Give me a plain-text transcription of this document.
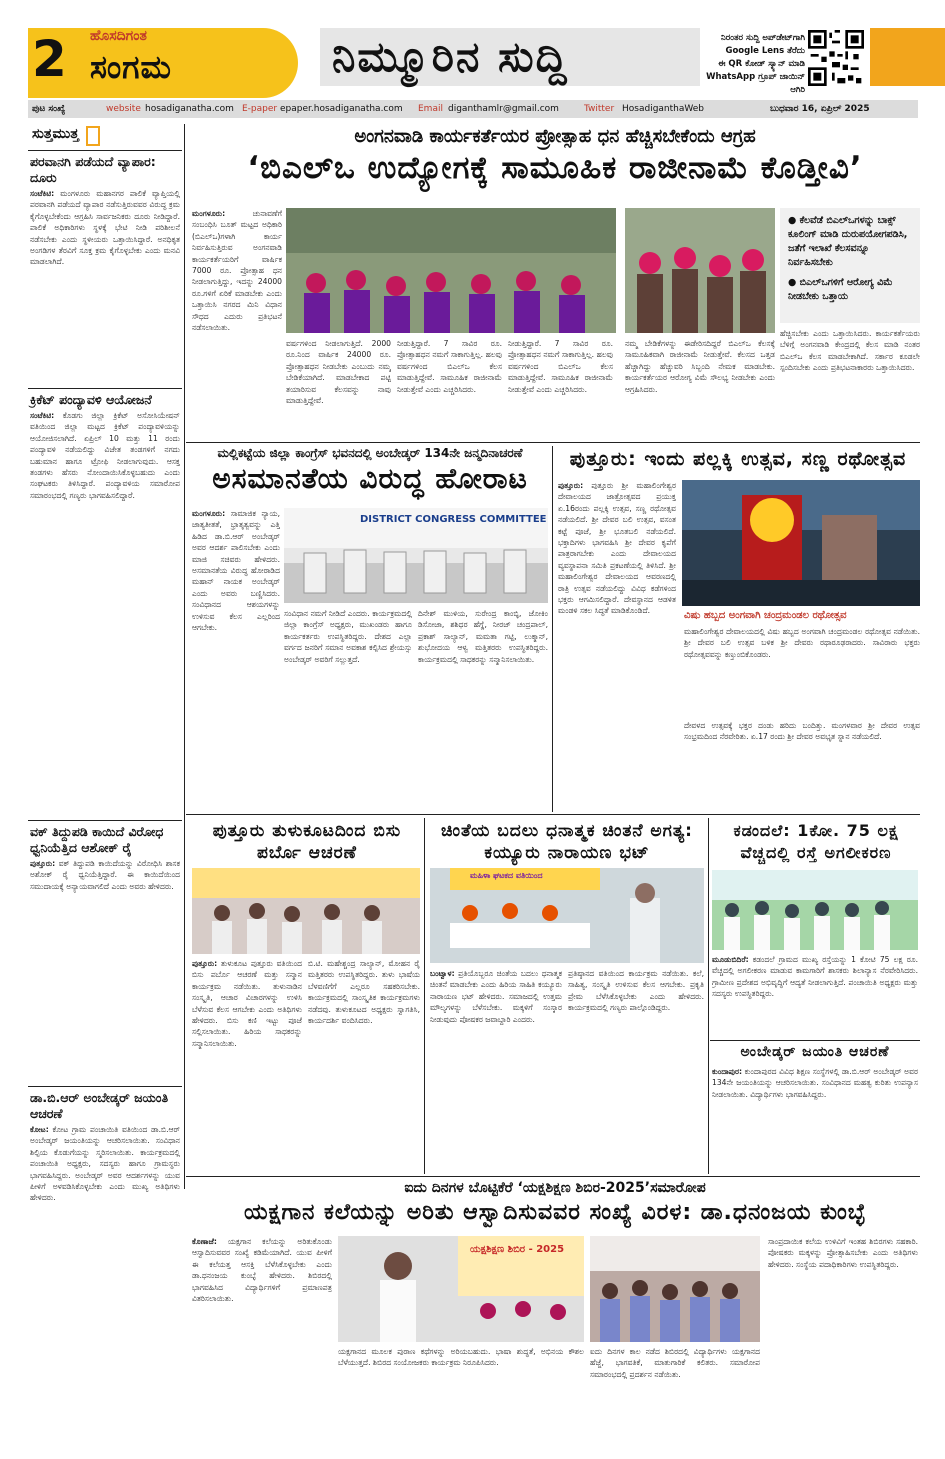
2 ಹೊಸದಿಗಂತ
ಸಂಗಮ	ನಿಮ್ಮೂರಿನ ಸುದ್ದಿ	ನಿರಂತರ ಸುದ್ದಿ ಅಪ್‌ಡೇಟ್‌ಗಾಗಿ
Google Lens ತೆರೆದು
ಈ QR ಕೋಡ್‌ ಸ್ಕ್ಯಾನ್ ಮಾಡಿ
WhatsApp ಗ್ರೂಪ್‌ ಜಾಯಿನ್ ಆಗಿರಿ
ಪುಟ ಸಂಖ್ಯೆ	website hosadiganatha.com E-paper epaper.hosadiganatha.com Email diganthamlr@gmail.com	Twitter HosadiganthaWeb	ಬುಧವಾರ 16, ಏಪ್ರಿಲ್ 2025
ಸುತ್ತಮುತ್ತ
ಪರವಾನಗಿ ಪಡೆಯದೆ ವ್ಯಾಪಾರ: ದೂರು
ಸಂಟೆಕಿಟಿ: ಮಂಗಳೂರು ಮಹಾನಗರ ಪಾಲಿಕೆ ವ್ಯಾಪ್ತಿಯಲ್ಲಿ ಪರವಾನಗಿ ಪಡೆಯದೆ ವ್ಯಾಪಾರ ನಡೆಸುತ್ತಿರುವವರ ವಿರುದ್ಧ ಕ್ರಮ ಕೈಗೊಳ್ಳಬೇಕೆಂದು ಆಗ್ರಹಿಸಿ ಸಾರ್ವಜನಿಕರು ದೂರು ನೀಡಿದ್ದಾರೆ. ಪಾಲಿಕೆ ಅಧಿಕಾರಿಗಳು ಸ್ಥಳಕ್ಕೆ ಭೇಟಿ ನೀಡಿ ಪರಿಶೀಲನೆ ನಡೆಸಬೇಕು ಎಂದು ಸ್ಥಳೀಯರು ಒತ್ತಾಯಿಸಿದ್ದಾರೆ. ಅನಧಿಕೃತ ಅಂಗಡಿಗಳ ತೆರವಿಗೆ ಸೂಕ್ತ ಕ್ರಮ ಕೈಗೊಳ್ಳಬೇಕು ಎಂದು ಮನವಿ ಮಾಡಲಾಗಿದೆ.
ಕ್ರಿಕೆಟ್ ಪಂದ್ಯಾವಳಿ ಆಯೋಜನೆ
ಸಂಟೆಕಿಟಿ: ಕೊಡಗು ಜಿಲ್ಲಾ ಕ್ರಿಕೆಟ್ ಅಸೋಸಿಯೇಷನ್ ವತಿಯಿಂದ ಜಿಲ್ಲಾ ಮಟ್ಟದ ಕ್ರಿಕೆಟ್ ಪಂದ್ಯಾವಳಿಯನ್ನು ಆಯೋಜಿಸಲಾಗಿದೆ. ಏಪ್ರಿಲ್ 10 ಮತ್ತು 11 ರಂದು ಪಂದ್ಯಾವಳಿ ನಡೆಯಲಿದ್ದು ವಿಜೇತ ತಂಡಗಳಿಗೆ ನಗದು ಬಹುಮಾನ ಹಾಗೂ ಟ್ರೋಫಿ ನೀಡಲಾಗುವುದು. ಆಸಕ್ತ ತಂಡಗಳು ಹೆಸರು ನೋಂದಾಯಿಸಿಕೊಳ್ಳಬಹುದು ಎಂದು ಸಂಘಟಕರು ತಿಳಿಸಿದ್ದಾರೆ. ಪಂದ್ಯಾವಳಿಯ ಸಮಾರೋಪ ಸಮಾರಂಭದಲ್ಲಿ ಗಣ್ಯರು ಭಾಗವಹಿಸಲಿದ್ದಾರೆ.
ವಕ್ ತಿದ್ದುಪಡಿ ಕಾಯಿದೆ ವಿರೋಧ ಧ್ವನಿಯೆತ್ತಿದ ಆಶೋಕ್ ರೈ
ಪುತ್ತೂರು: ವಕ್ ತಿದ್ದುಪಡಿ ಕಾಯಿದೆಯನ್ನು ವಿರೋಧಿಸಿ ಶಾಸಕ ಅಶೋಕ್ ರೈ ಧ್ವನಿಯೆತ್ತಿದ್ದಾರೆ. ಈ ಕಾಯಿದೆಯಿಂದ ಸಮುದಾಯಕ್ಕೆ ಅನ್ಯಾಯವಾಗಲಿದೆ ಎಂದು ಅವರು ಹೇಳಿದರು.
ಡಾ.ಬಿ.ಆರ್ ಅಂಬೇಡ್ಕರ್ ಜಯಂತಿ ಆಚರಣೆ
ಕೋಟ: ಕೋಟ ಗ್ರಾಮ ಪಂಚಾಯಿತಿ ವತಿಯಿಂದ ಡಾ.ಬಿ.ಆರ್ ಅಂಬೇಡ್ಕರ್ ಜಯಂತಿಯನ್ನು ಆಚರಿಸಲಾಯಿತು. ಸಂವಿಧಾನ ಶಿಲ್ಪಿಯ ಕೊಡುಗೆಯನ್ನು ಸ್ಮರಿಸಲಾಯಿತು. ಕಾರ್ಯಕ್ರಮದಲ್ಲಿ ಪಂಚಾಯಿತಿ ಅಧ್ಯಕ್ಷರು, ಸದಸ್ಯರು ಹಾಗೂ ಗ್ರಾಮಸ್ಥರು ಭಾಗವಹಿಸಿದ್ದರು. ಅಂಬೇಡ್ಕರ್ ಅವರ ಆದರ್ಶಗಳನ್ನು ಯುವ ಪೀಳಿಗೆ ಅಳವಡಿಸಿಕೊಳ್ಳಬೇಕು ಎಂದು ಮುಖ್ಯ ಅತಿಥಿಗಳು ಹೇಳಿದರು.
ಅಂಗನವಾಡಿ ಕಾರ್ಯಕರ್ತೆಯರ ಪ್ರೋತ್ಸಾಹ ಧನ ಹೆಚ್ಚಿಸಬೇಕೆಂದು ಆಗ್ರಹ
‘ಬಿಎಲ್‌ಒ ಉದ್ಯೋಗಕ್ಕೆ ಸಾಮೂಹಿಕ ರಾಜೀನಾಮೆ ಕೊಡ್ತೀವಿ’
ಮಂಗಳೂರು:	ಚುನಾವಣೆಗೆ ಸಂಬಂಧಿಸಿ ಬೂತ್ ಮಟ್ಟದ ಅಧಿಕಾರಿ (ಬಿಎಲ್‌ಒ)ಗಳಾಗಿ ಕಾರ್ಯ ನಿರ್ವಹಿಸುತ್ತಿರುವ ಅಂಗನವಾಡಿ ಕಾರ್ಯಕರ್ತೆಯರಿಗೆ ವಾರ್ಷಿಕ 7000 ರೂ. ಪ್ರೋತ್ಸಾಹ ಧನ ನೀಡಲಾಗುತ್ತಿದ್ದು, ಇದನ್ನು 24000 ರೂ.ಗಳಿಗೆ ಏರಿಕೆ ಮಾಡಬೇಕು ಎಂದು ಒತ್ತಾಯಿಸಿ ನಗರದ ಮಿನಿ ವಿಧಾನ ಸೌಧದ ಎದುರು ಪ್ರತಿಭಟನೆ ನಡೆಸಲಾಯಿತು.
● ಕೆಲವೆಡೆ ಬಿಎಲ್‌ಒಗಳನ್ನು ಬಾಕ್ಸ್ ಕೂಲಿಂಗ್‌ ಮಾಡಿ ದುರುಪಯೋಗಪಡಿಸಿ, ಜತೆಗೆ ಇಲಾಖೆ ಕೆಲಸವನ್ನೂ ನಿರ್ವಹಿಸಬೇಕು
● ಬಿಎಲ್‌ಒಗಳಿಗೆ ಆರೋಗ್ಯ ವಿಮೆ ನೀಡಬೇಕು ಒತ್ತಾಯ
ವರ್ಷಗಳಿಂದ ನೀಡಲಾಗುತ್ತಿದೆ. 2000 ರೂ.ನಿಂದ ವಾರ್ಷಿಕ 24000 ರೂ. ಪ್ರೋತ್ಸಾಹಧನ ನೀಡಬೇಕು ಎಂಬುದು ನಮ್ಮ ಬೇಡಿಕೆಯಾಗಿದೆ. ಮಾಡಬೇಕಾದ ಪಟ್ಟಿ ತಯಾರಿಸುವ ಕೆಲಸವನ್ನು ನಾವು ಮಾಡುತ್ತಿದ್ದೇವೆ.
ನೀಡುತ್ತಿದ್ದಾರೆ. 7 ಸಾವಿರ ರೂ. ಪ್ರೋತ್ಸಾಹಧನ ನಮಗೆ ಸಾಕಾಗುತ್ತಿಲ್ಲ. ಹಲವು ವರ್ಷಗಳಿಂದ ಬಿಎಲ್‌ಒ ಕೆಲಸ ಮಾಡುತ್ತಿದ್ದೇವೆ. ಸಾಮೂಹಿಕ ರಾಜೀನಾಮೆ ನೀಡುತ್ತೇವೆ ಎಂದು ಎಚ್ಚರಿಸಿದರು.
ನೀಡುತ್ತಿದ್ದಾರೆ. 7 ಸಾವಿರ ರೂ. ಪ್ರೋತ್ಸಾಹಧನ ನಮಗೆ ಸಾಕಾಗುತ್ತಿಲ್ಲ. ಹಲವು ವರ್ಷಗಳಿಂದ ಬಿಎಲ್‌ಒ ಕೆಲಸ ಮಾಡುತ್ತಿದ್ದೇವೆ. ಸಾಮೂಹಿಕ ರಾಜೀನಾಮೆ ನೀಡುತ್ತೇವೆ ಎಂದು ಎಚ್ಚರಿಸಿದರು.
ನಮ್ಮ ಬೇಡಿಕೆಗಳನ್ನು ಈಡೇರಿಸದಿದ್ದರೆ ಬಿಎಲ್‌ಒ ಕೆಲಸಕ್ಕೆ ಸಾಮೂಹಿಕವಾಗಿ ರಾಜೀನಾಮೆ ನೀಡುತ್ತೇವೆ. ಕೆಲಸದ ಒತ್ತಡ ಹೆಚ್ಚಾಗಿದ್ದು ಹೆಚ್ಚುವರಿ ಸಿಬ್ಬಂದಿ ನೇಮಕ ಮಾಡಬೇಕು. ಕಾರ್ಯಕರ್ತೆಯರ ಆರೋಗ್ಯ ವಿಮೆ ಸೌಲಭ್ಯ ನೀಡಬೇಕು ಎಂದು ಆಗ್ರಹಿಸಿದರು.
ಹೆಚ್ಚಿಸಬೇಕು ಎಂದು ಒತ್ತಾಯಿಸಿದರು. ಕಾರ್ಯಕರ್ತೆಯರು ಬೆಳಿಗ್ಗೆ ಅಂಗನವಾಡಿ ಕೇಂದ್ರದಲ್ಲಿ ಕೆಲಸ ಮಾಡಿ ನಂತರ ಬಿಎಲ್‌ಒ ಕೆಲಸ ಮಾಡಬೇಕಾಗಿದೆ. ಸರ್ಕಾರ ಕೂಡಲೇ ಸ್ಪಂದಿಸಬೇಕು ಎಂದು ಪ್ರತಿಭಟನಾಕಾರರು ಒತ್ತಾಯಿಸಿದರು.
ಮಲ್ಲಿಕಟ್ಟೆಯ ಜಿಲ್ಲಾ ಕಾಂಗ್ರೆಸ್‌ ಭವನದಲ್ಲಿ ಅಂಬೇಡ್ಕರ್ 134ನೇ ಜನ್ಮದಿನಾಚರಣೆ
ಅಸಮಾನತೆಯ ವಿರುದ್ಧ ಹೋರಾಟ
ಮಂಗಳೂರು: ಸಾಮಾಜಿಕ ನ್ಯಾಯ, ಜಾತ್ಯತೀತತೆ, ಭ್ರಾತೃತ್ವವನ್ನು ಎತ್ತಿ ಹಿಡಿದ ಡಾ.ಬಿ.ಆರ್ ಅಂಬೇಡ್ಕರ್ ಅವರ ಆದರ್ಶ ಪಾಲಿಸಬೇಕು ಎಂದು ಮಾಜಿ ಸಚಿವರು ಹೇಳಿದರು. ಅಸಮಾನತೆಯ ವಿರುದ್ಧ ಹೋರಾಡಿದ ಮಹಾನ್ ನಾಯಕ ಅಂಬೇಡ್ಕರ್ ಎಂದು ಅವರು ಬಣ್ಣಿಸಿದರು. ಸಂವಿಧಾನದ ಆಶಯಗಳನ್ನು ಉಳಿಸುವ ಕೆಲಸ ಎಲ್ಲರಿಂದ ಆಗಬೇಕು.
DISTRICT CONGRESS COMMITTEE
ಸಂವಿಧಾನ ನಮಗೆ ನೀಡಿದೆ ಎಂದರು. ಕಾರ್ಯಕ್ರಮದಲ್ಲಿ ಜಿಲ್ಲಾ ಕಾಂಗ್ರೆಸ್ ಅಧ್ಯಕ್ಷರು, ಮುಖಂಡರು ಹಾಗೂ ಕಾರ್ಯಕರ್ತರು ಉಪಸ್ಥಿತರಿದ್ದರು. ದೇಶದ ಎಲ್ಲಾ ವರ್ಗದ ಜನರಿಗೆ ಸಮಾನ ಅವಕಾಶ ಕಲ್ಪಿಸಿದ ಶ್ರೇಯಸ್ಸು ಅಂಬೇಡ್ಕರ್ ಅವರಿಗೆ ಸಲ್ಲುತ್ತದೆ.
ದಿನೇಶ್ ಮುಳಿಯ, ಸುರೇಂದ್ರ ಕಾಂಬ್ಳಿ, ಜೋಕಿಂ ಡಿಸೋಜಾ, ಶಶಿಧರ ಹೆಗ್ಡೆ, ನೀರಜ್ ಚಂದ್ರಪಾಲ್, ಪ್ರಕಾಶ್ ಸಾಲ್ಯಾನ್, ಮಮತಾ ಗಟ್ಟಿ, ಲುಕ್ಮಾನ್, ಶುಭೋದಯ ಆಳ್ವ ಮತ್ತಿತರರು ಉಪಸ್ಥಿತರಿದ್ದರು. ಕಾರ್ಯಕ್ರಮದಲ್ಲಿ ಸಾಧಕರನ್ನು ಸನ್ಮಾನಿಸಲಾಯಿತು.
ಪುತ್ತೂರು: ಇಂದು ಪಲ್ಲಕ್ಕಿ ಉತ್ಸವ, ಸಣ್ಣ ರಥೋತ್ಸವ
ಪುತ್ತೂರು: ಪುತ್ತೂರು ಶ್ರೀ ಮಹಾಲಿಂಗೇಶ್ವರ ದೇವಾಲಯದ ಜಾತ್ರೋತ್ಸವದ ಪ್ರಯುಕ್ತ ಏ.16ರಂದು ಪಲ್ಲಕ್ಕಿ ಉತ್ಸವ, ಸಣ್ಣ ರಥೋತ್ಸವ ನಡೆಯಲಿದೆ. ಶ್ರೀ ದೇವರ ಬಲಿ ಉತ್ಸವ, ವಸಂತ ಕಟ್ಟೆ ಪೂಜೆ, ಶ್ರೀ ಭೂತಬಲಿ ನಡೆಯಲಿದೆ. ಭಕ್ತಾದಿಗಳು ಭಾಗವಹಿಸಿ ಶ್ರೀ ದೇವರ ಕೃಪೆಗೆ ಪಾತ್ರರಾಗಬೇಕು ಎಂದು ದೇವಾಲಯದ ವ್ಯವಸ್ಥಾಪನಾ ಸಮಿತಿ ಪ್ರಕಟಣೆಯಲ್ಲಿ ತಿಳಿಸಿದೆ. ಶ್ರೀ ಮಹಾಲಿಂಗೇಶ್ವರ ದೇವಾಲಯದ ಆವರಣದಲ್ಲಿ ರಾತ್ರಿ ಉತ್ಸವ ನಡೆಯಲಿದ್ದು ವಿವಿಧ ಕಡೆಗಳಿಂದ ಭಕ್ತರು ಆಗಮಿಸಲಿದ್ದಾರೆ. ದೇವಸ್ಥಾನದ ಆಡಳಿತ ಮಂಡಳಿ ಸಕಲ ಸಿದ್ಧತೆ ಮಾಡಿಕೊಂಡಿದೆ.	ವಿಷು ಹಬ್ಬದ ಅಂಗವಾಗಿ ಚಂದ್ರಮಂಡಲ ರಥೋತ್ಸವ
ಮಹಾಲಿಂಗೇಶ್ವರ ದೇವಾಲಯದಲ್ಲಿ ವಿಷು ಹಬ್ಬದ ಅಂಗವಾಗಿ ಚಂದ್ರಮಂಡಲ ರಥೋತ್ಸವ ನಡೆಯಿತು. ಶ್ರೀ ದೇವರ ಬಲಿ ಉತ್ಸವ ಬಳಿಕ ಶ್ರೀ ದೇವರು ರಥಾರೂಢರಾದರು. ಸಾವಿರಾರು ಭಕ್ತರು ರಥೋತ್ಸವವನ್ನು ಕಣ್ತುಂಬಿಕೊಂಡರು.
ದೇವಳದ ಉತ್ಸವಕ್ಕೆ ಭಕ್ತರ ದಂಡು ಹರಿದು ಬಂದಿತ್ತು. ಮಂಗಳವಾರ ಶ್ರೀ ದೇವರ ಉತ್ಸವ ಸಂಭ್ರಮದಿಂದ ನೆರವೇರಿತು. ಏ.17 ರಂದು ಶ್ರೀ ದೇವರ ಅವಭೃತ ಸ್ನಾನ ನಡೆಯಲಿದೆ.
ಪುತ್ತೂರು ತುಳುಕೂಟದಿಂದ ಬಿಸು ಪರ್ಬೊ ಆಚರಣೆ
ಪುತ್ತೂರು: ತುಳುಕೂಟ ಪುತ್ತೂರು ವತಿಯಿಂದ ಬಿಸು ಪರ್ಬೊ ಆಚರಣೆ ಮತ್ತು ಸನ್ಮಾನ ಕಾರ್ಯಕ್ರಮ ನಡೆಯಿತು. ತುಳುನಾಡಿನ ಸಂಸ್ಕೃತಿ, ಆಚಾರ ವಿಚಾರಗಳನ್ನು ಉಳಿಸಿ ಬೆಳೆಸುವ ಕೆಲಸ ಆಗಬೇಕು ಎಂದು ಅತಿಥಿಗಳು ಹೇಳಿದರು. ಬಿಸು ಕಣಿ ಇಟ್ಟು ಪೂಜೆ ಸಲ್ಲಿಸಲಾಯಿತು. ಹಿರಿಯ ಸಾಧಕರನ್ನು ಸನ್ಮಾನಿಸಲಾಯಿತು.
ಬಿ.ಟಿ. ಮಹೇಶ್ಚಂದ್ರ ಸಾಲ್ಯಾನ್, ಮೋಹನ ರೈ ಮತ್ತಿತರರು ಉಪಸ್ಥಿತರಿದ್ದರು. ತುಳು ಭಾಷೆಯ ಬೆಳವಣಿಗೆಗೆ ಎಲ್ಲರೂ ಸಹಕರಿಸಬೇಕು. ಕಾರ್ಯಕ್ರಮದಲ್ಲಿ ಸಾಂಸ್ಕೃತಿಕ ಕಾರ್ಯಕ್ರಮಗಳು ನಡೆದವು. ತುಳುಕೂಟದ ಅಧ್ಯಕ್ಷರು ಸ್ವಾಗತಿಸಿ, ಕಾರ್ಯದರ್ಶಿ ವಂದಿಸಿದರು.
ಚಿಂತೆಯ ಬದಲು ಧನಾತ್ಮಕ ಚಿಂತನೆ ಅಗತ್ಯ: ಕಯ್ಯೂರು ನಾರಾಯಣ ಭಟ್
ಮಹಿಳಾ ಘಟಕದ ವತಿಯಿಂದ
ಬಂಟ್ವಾಳ: ಪ್ರತಿಯೊಬ್ಬರೂ ಚಿಂತೆಯ ಬದಲು ಧನಾತ್ಮಕ ಚಿಂತನೆ ಮಾಡಬೇಕು ಎಂದು ಹಿರಿಯ ಸಾಹಿತಿ ಕಯ್ಯೂರು ನಾರಾಯಣ ಭಟ್ ಹೇಳಿದರು. ಸಮಾಜದಲ್ಲಿ ಉತ್ತಮ ಮೌಲ್ಯಗಳನ್ನು ಬೆಳೆಸಬೇಕು. ಮಕ್ಕಳಿಗೆ ಸಂಸ್ಕಾರ ನೀಡುವುದು ಪೋಷಕರ ಜವಾಬ್ದಾರಿ ಎಂದರು.
ಪ್ರತಿಷ್ಠಾನದ ವತಿಯಿಂದ ಕಾರ್ಯಕ್ರಮ ನಡೆಯಿತು. ಕಲೆ, ಸಾಹಿತ್ಯ, ಸಂಸ್ಕೃತಿ ಉಳಿಸುವ ಕೆಲಸ ಆಗಬೇಕು. ಪ್ರಕೃತಿ ಪ್ರೇಮ ಬೆಳೆಸಿಕೊಳ್ಳಬೇಕು ಎಂದು ಹೇಳಿದರು. ಕಾರ್ಯಕ್ರಮದಲ್ಲಿ ಗಣ್ಯರು ಪಾಲ್ಗೊಂಡಿದ್ದರು.
ಕಡಂದಲೆ: 1ಕೋ. 75 ಲಕ್ಷ ವೆಚ್ಚದಲ್ಲಿ ರಸ್ತೆ ಅಗಲೀಕರಣ
ಮೂಡುಬಿದಿರೆ: ಕಡಂದಲೆ ಗ್ರಾಮದ ಮುಖ್ಯ ರಸ್ತೆಯನ್ನು 1 ಕೋಟಿ 75 ಲಕ್ಷ ರೂ. ವೆಚ್ಚದಲ್ಲಿ ಅಗಲೀಕರಣ ಮಾಡುವ ಕಾಮಗಾರಿಗೆ ಶಾಸಕರು ಶಿಲಾನ್ಯಾಸ ನೆರವೇರಿಸಿದರು. ಗ್ರಾಮೀಣ ಪ್ರದೇಶದ ಅಭಿವೃದ್ಧಿಗೆ ಆದ್ಯತೆ ನೀಡಲಾಗುತ್ತಿದೆ. ಪಂಚಾಯಿತಿ ಅಧ್ಯಕ್ಷರು ಮತ್ತು ಸದಸ್ಯರು ಉಪಸ್ಥಿತರಿದ್ದರು.
ಅಂಬೇಡ್ಕರ್ ಜಯಂತಿ ಆಚರಣೆ
ಕುಂದಾಪುರ: ಕುಂದಾಪುರದ ವಿವಿಧ ಶಿಕ್ಷಣ ಸಂಸ್ಥೆಗಳಲ್ಲಿ ಡಾ.ಬಿ.ಆರ್ ಅಂಬೇಡ್ಕರ್ ಅವರ 134ನೇ ಜಯಂತಿಯನ್ನು ಆಚರಿಸಲಾಯಿತು. ಸಂವಿಧಾನದ ಮಹತ್ವ ಕುರಿತು ಉಪನ್ಯಾಸ ನೀಡಲಾಯಿತು. ವಿದ್ಯಾರ್ಥಿಗಳು ಭಾಗವಹಿಸಿದ್ದರು.
ಐದು ದಿನಗಳ ಬೊಟ್ಟಿಕೆರೆ ‘ಯಕ್ಷಶಿಕ್ಷಣ ಶಿಬಿರ-2025’ಸಮಾರೋಪ
ಯಕ್ಷಗಾನ ಕಲೆಯನ್ನು ಅರಿತು ಆಸ್ವಾದಿಸುವವರ ಸಂಖ್ಯೆ ವಿರಳ: ಡಾ.ಧನಂಜಯ ಕುಂಬ್ಳೆ
ಕೊಣಾಜೆ: ಯಕ್ಷಗಾನ ಕಲೆಯನ್ನು ಅರಿತುಕೊಂಡು ಆಸ್ವಾದಿಸುವವರ ಸಂಖ್ಯೆ ಕಡಿಮೆಯಾಗಿದೆ. ಯುವ ಪೀಳಿಗೆ ಈ ಕಲೆಯತ್ತ ಆಸಕ್ತಿ ಬೆಳೆಸಿಕೊಳ್ಳಬೇಕು ಎಂದು ಡಾ.ಧನಂಜಯ ಕುಂಬ್ಳೆ ಹೇಳಿದರು. ಶಿಬಿರದಲ್ಲಿ ಭಾಗವಹಿಸಿದ ವಿದ್ಯಾರ್ಥಿಗಳಿಗೆ ಪ್ರಮಾಣಪತ್ರ ವಿತರಿಸಲಾಯಿತು.
ಯಕ್ಷಶಿಕ್ಷಣ ಶಿಬಿರ - 2025
ಯಕ್ಷಗಾನದ ಮೂಲಕ ಪುರಾಣ ಕಥೆಗಳನ್ನು ಅರಿಯಬಹುದು. ಭಾಷಾ ಶುದ್ಧತೆ, ಅಭಿನಯ ಕೌಶಲ ಬೆಳೆಯುತ್ತದೆ. ಶಿಬಿರದ ಸಂಯೋಜಕರು ಕಾರ್ಯಕ್ರಮ ನಿರೂಪಿಸಿದರು.
ಐದು ದಿನಗಳ ಕಾಲ ನಡೆದ ಶಿಬಿರದಲ್ಲಿ ವಿದ್ಯಾರ್ಥಿಗಳು ಯಕ್ಷಗಾನದ ಹೆಜ್ಜೆ, ಭಾಗವತಿಕೆ, ಮಾತುಗಾರಿಕೆ ಕಲಿತರು. ಸಮಾರೋಪ ಸಮಾರಂಭದಲ್ಲಿ ಪ್ರದರ್ಶನ ನಡೆಯಿತು.
ಸಾಂಪ್ರದಾಯಿಕ ಕಲೆಯ ಉಳಿವಿಗೆ ಇಂತಹ ಶಿಬಿರಗಳು ಸಹಕಾರಿ. ಪೋಷಕರು ಮಕ್ಕಳನ್ನು ಪ್ರೋತ್ಸಾಹಿಸಬೇಕು ಎಂದು ಅತಿಥಿಗಳು ಹೇಳಿದರು. ಸಂಸ್ಥೆಯ ಪದಾಧಿಕಾರಿಗಳು ಉಪಸ್ಥಿತರಿದ್ದರು.
